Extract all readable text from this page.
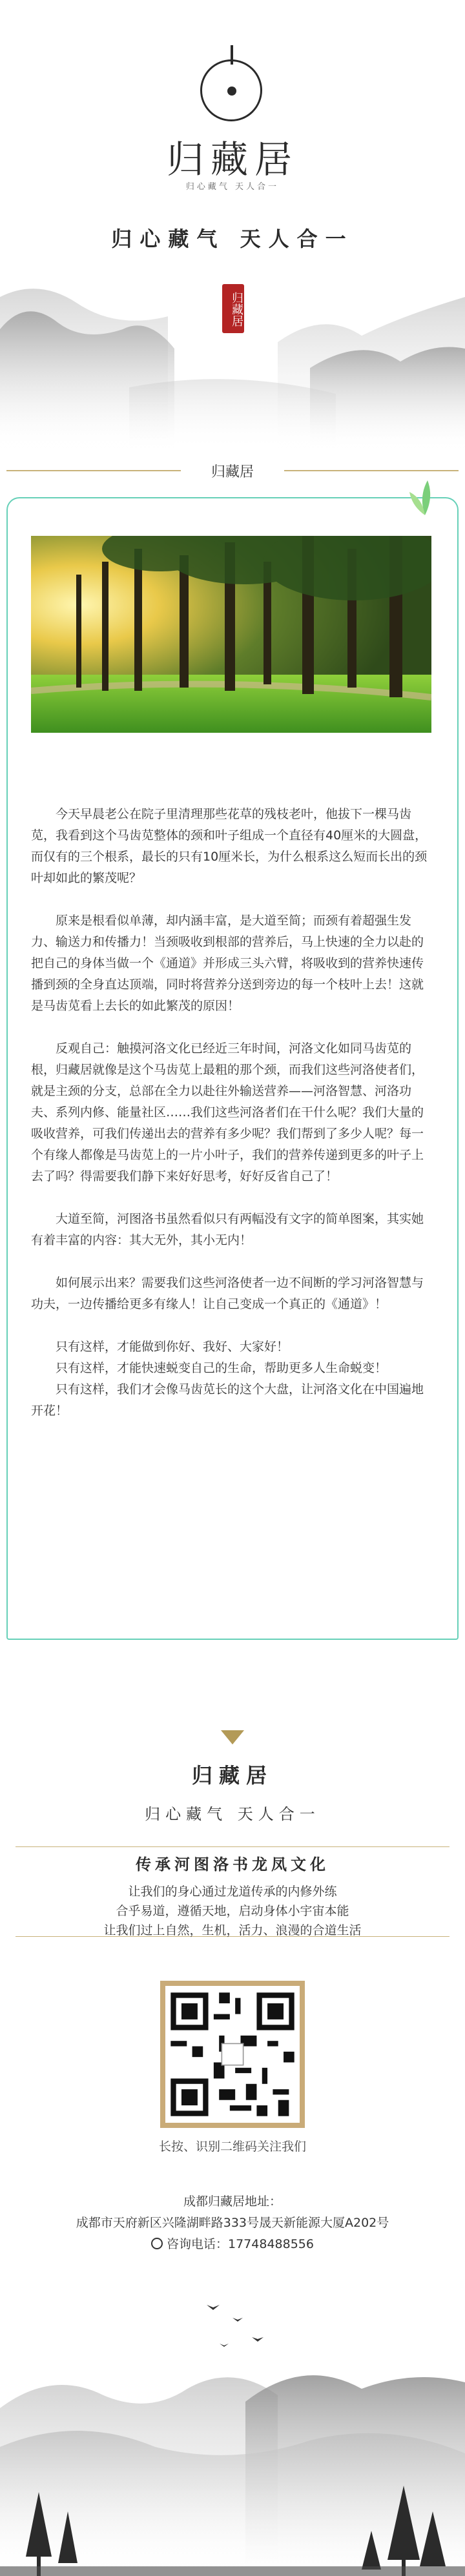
归藏居
归心藏气 天人合一
归心藏气 天人合一
归藏居
归藏居

今天早晨老公在院子里清理那些花草的残枝老叶，他拔下一棵马齿苋，我看到这个马齿苋整体的颈和叶子组成一个直径有40厘米的大圆盘，而仅有的三个根系，最长的只有10厘米长，为什么根系这么短而长出的颈叶却如此的繁茂呢？

原来是根看似单薄，却内涵丰富，是大道至简；而颈有着超强生发力、输送力和传播力！当颈吸收到根部的营养后，马上快速的全力以赴的把自己的身体当做一个《通道》并形成三头六臂，将吸收到的营养快速传播到颈的全身直达顶端，同时将营养分送到旁边的每一个枝叶上去！这就是马齿苋看上去长的如此繁茂的原因！

反观自己：触摸河洛文化已经近三年时间，河洛文化如同马齿苋的根，归藏居就像是这个马齿苋上最粗的那个颈，而我们这些河洛使者们，就是主颈的分支，总部在全力以赴往外输送营养——河洛智慧、河洛功夫、系列内修、能量社区……我们这些河洛者们在干什么呢？我们大量的吸收营养，可我们传递出去的营养有多少呢？我们帮到了多少人呢？每一个有缘人都像是马齿苋上的一片小叶子，我们的营养传递到更多的叶子上去了吗？得需要我们静下来好好思考，好好反省自己了！

大道至简，河图洛书虽然看似只有两幅没有文字的简单图案，其实她有着丰富的内容：其大无外，其小无内！

如何展示出来？需要我们这些河洛使者一边不间断的学习河洛智慧与功夫，一边传播给更多有缘人！让自己变成一个真正的《通道》！

只有这样，才能做到你好、我好、大家好！

只有这样，才能快速蜕变自己的生命，帮助更多人生命蜕变！

只有这样，我们才会像马齿苋长的这个大盘，让河洛文化在中国遍地开花！

归藏居
归心藏气 天人合一
传承河图洛书龙凤文化
让我们的身心通过龙道传承的内修外练
合乎易道，遵循天地，启动身体小宇宙本能
让我们过上自然，生机，活力、浪漫的合道生活
长按、识别二维码关注我们
成都归藏居地址：
成都市天府新区兴隆湖畔路333号晟天新能源大厦A202号
咨询电话：17748488556
